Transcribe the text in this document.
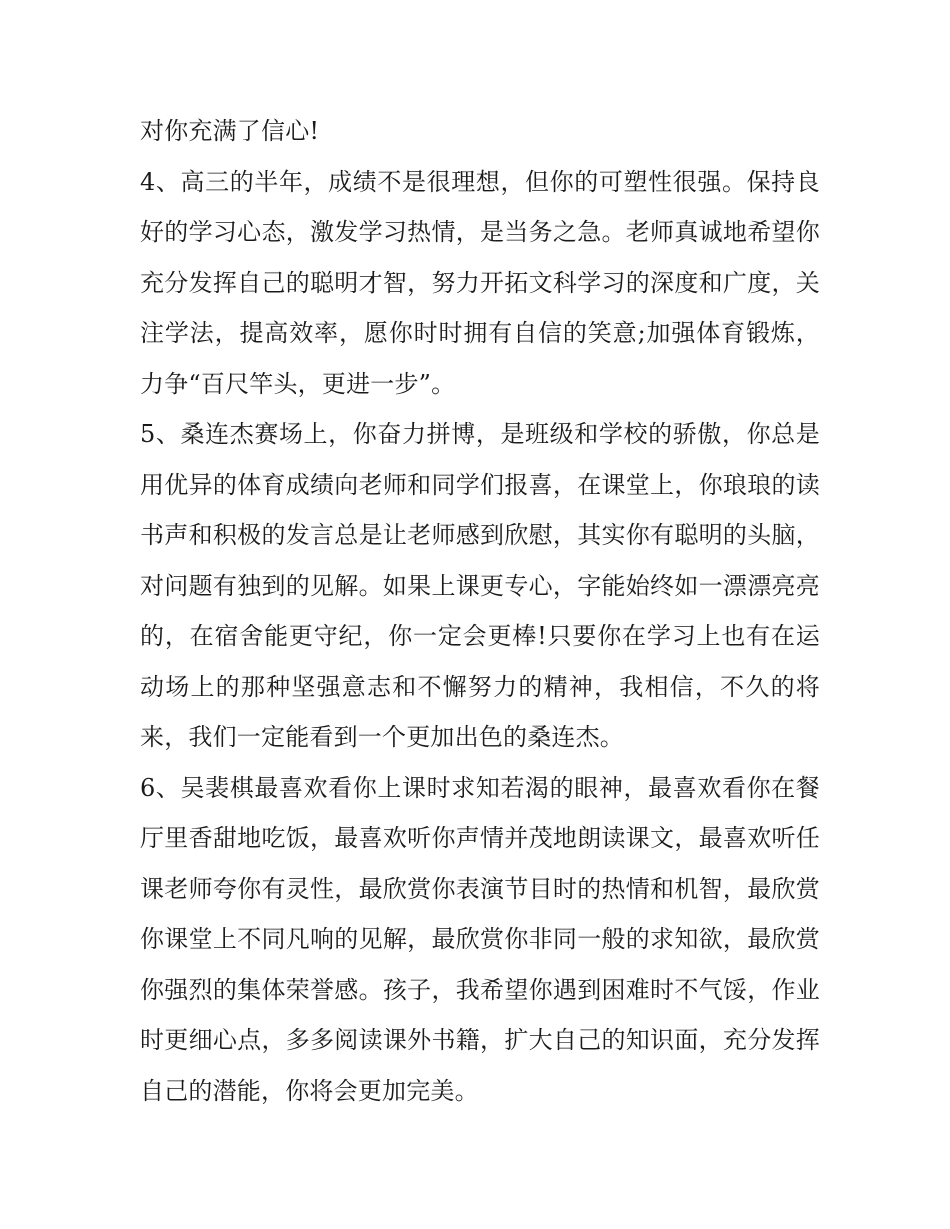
对你充满了信心!

4、高三的半年，成绩不是很理想，但你的可塑性很强。保持良好的学习心态，激发学习热情，是当务之急。老师真诚地希望你充分发挥自己的聪明才智，努力开拓文科学习的深度和广度，关注学法，提高效率，愿你时时拥有自信的笑意;加强体育锻炼，力争“百尺竿头，更进一步”。

5、桑连杰赛场上，你奋力拼博，是班级和学校的骄傲，你总是用优异的体育成绩向老师和同学们报喜，在课堂上，你琅琅的读书声和积极的发言总是让老师感到欣慰，其实你有聪明的头脑，对问题有独到的见解。如果上课更专心，字能始终如一漂漂亮亮的，在宿舍能更守纪，你一定会更棒!只要你在学习上也有在运动场上的那种坚强意志和不懈努力的精神，我相信，不久的将来，我们一定能看到一个更加出色的桑连杰。

6、吴裴棋最喜欢看你上课时求知若渴的眼神，最喜欢看你在餐厅里香甜地吃饭，最喜欢听你声情并茂地朗读课文，最喜欢听任课老师夸你有灵性，最欣赏你表演节目时的热情和机智，最欣赏你课堂上不同凡响的见解，最欣赏你非同一般的求知欲，最欣赏你强烈的集体荣誉感。孩子，我希望你遇到困难时不气馁，作业时更细心点，多多阅读课外书籍，扩大自己的知识面，充分发挥自己的潜能，你将会更加完美。
